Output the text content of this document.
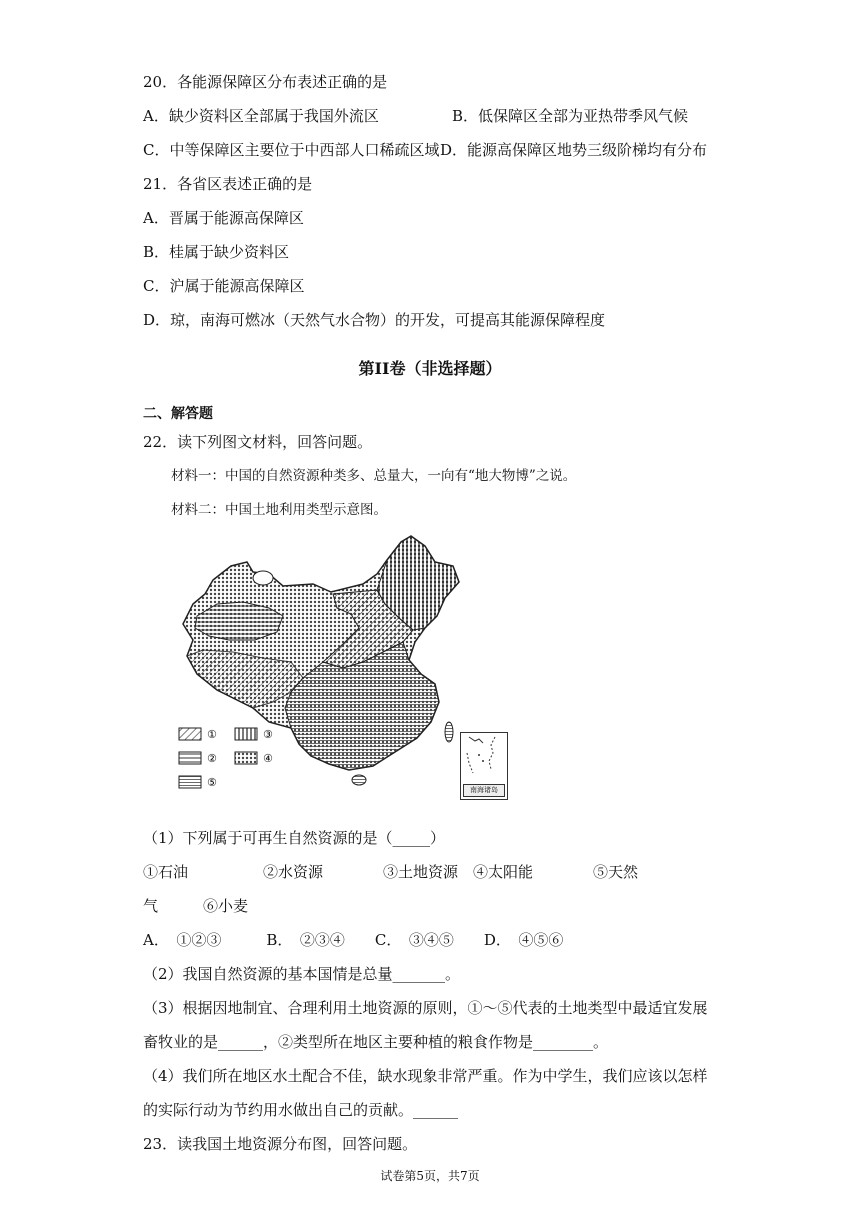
20．各能源保障区分布表述正确的是
A．缺少资料区全部属于我国外流区	B．低保障区全部为亚热带季风气候
C．中等保障区主要位于中西部人口稀疏区域 D．能源高保障区地势三级阶梯均有分布
21．各省区表述正确的是
A．晋属于能源高保障区
B．桂属于缺少资料区
C．沪属于能源高保障区
D．琼，南海可燃冰（天然气水合物）的开发，可提高其能源保障程度
第II卷（非选择题）
二、解答题
22．读下列图文材料，回答问题。
材料一：中国的自然资源种类多、总量大，一向有“地大物博”之说。
材料二：中国土地利用类型示意图。
①	③
②	④
⑤
南海诸岛
（1）下列属于可再生自然资源的是（_____）
①石油　　　　　②水资源　　　　③土地资源　④太阳能　　　　⑤天然
气　　　⑥小麦
A．　①②③　　　B．　②③④　　C．　③④⑤　　D．　④⑤⑥
（2）我国自然资源的基本国情是总量_______。
（3）根据因地制宜、合理利用土地资源的原则，①～⑤代表的土地类型中最适宜发展
畜牧业的是______，②类型所在地区主要种植的粮食作物是________。
（4）我们所在地区水土配合不佳，缺水现象非常严重。作为中学生，我们应该以怎样
的实际行动为节约用水做出自己的贡献。______
23．读我国土地资源分布图，回答问题。
试卷第5页，共7页
